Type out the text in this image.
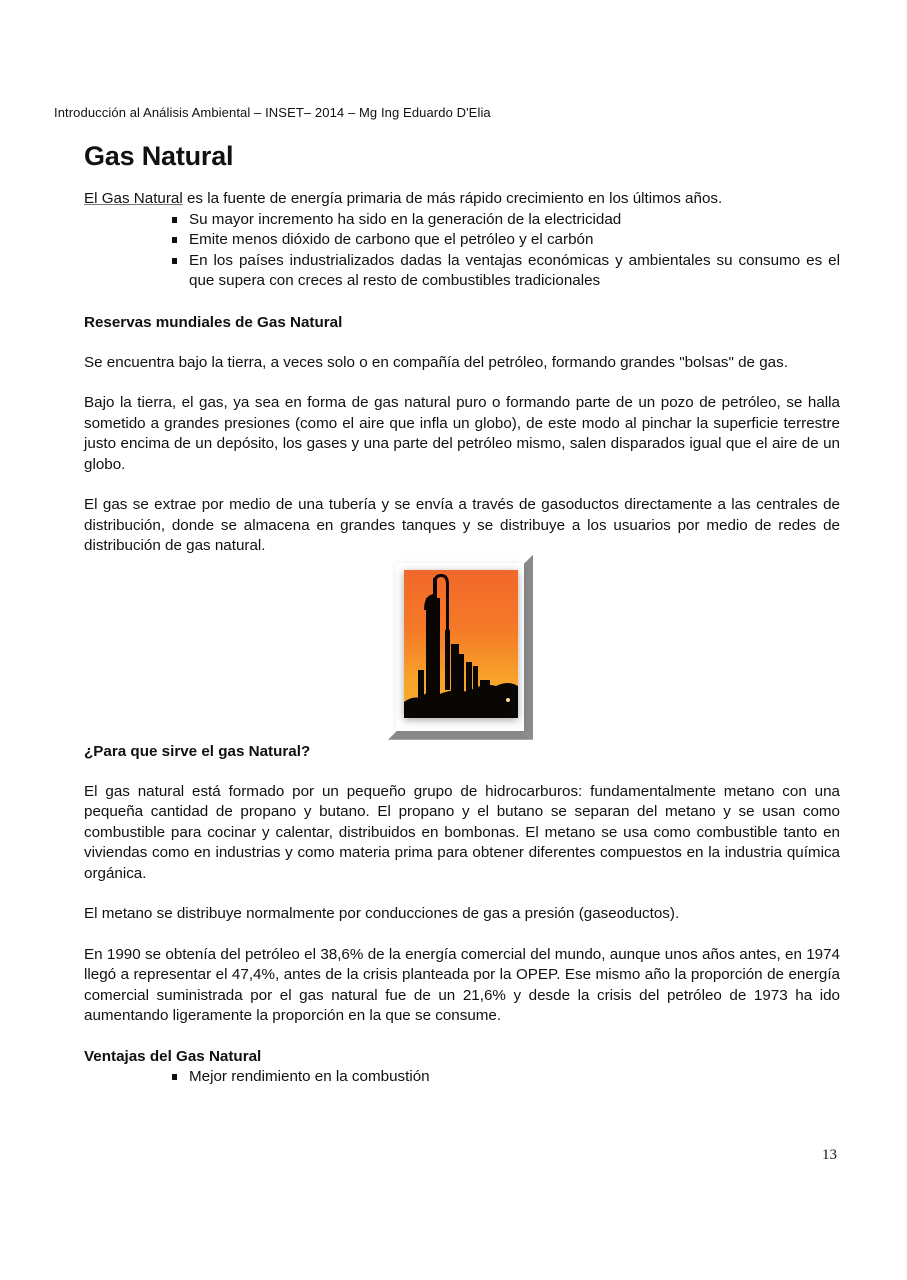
Introducción al Análisis Ambiental – INSET– 2014 – Mg Ing Eduardo D'Elia
Gas Natural

El Gas Natural es la fuente de energía primaria de más rápido crecimiento en los últimos años.

Su mayor incremento ha sido en la generación de la electricidad
Emite menos dióxido de carbono que el petróleo y el carbón
En los países industrializados dadas la ventajas económicas y ambientales su consumo es el que supera con creces al resto de combustibles tradicionales
Reservas mundiales de Gas Natural

Se encuentra bajo la tierra, a veces solo o en compañía del petróleo, formando grandes "bolsas" de gas.

Bajo la tierra, el gas, ya sea en forma de gas natural puro o formando parte de un pozo de petróleo, se halla sometido a grandes presiones (como el aire que infla un globo), de este modo al pinchar la superficie terrestre justo encima de un depósito, los gases y una parte del petróleo mismo, salen disparados igual que el aire de un globo.

El gas se extrae por medio de una tubería y se envía a través de gasoductos directamente a las centrales de distribución, donde se almacena en grandes tanques y se distribuye a los usuarios por medio de redes de distribución de gas natural.

¿Para que sirve el gas Natural?

El gas natural está formado por un pequeño grupo de hidrocarburos: fundamentalmente metano con una pequeña cantidad de propano y butano. El propano y el butano se separan del metano y se usan como combustible para cocinar y calentar, distribuidos en bombonas. El metano se usa como combustible tanto en viviendas como en industrias y como materia prima para obtener diferentes compuestos en la industria química orgánica.

El metano se distribuye normalmente por conducciones de gas a presión (gaseoductos).

En 1990 se obtenía del petróleo el 38,6% de la energía comercial del mundo, aunque unos años antes, en 1974 llegó a representar el 47,4%, antes de la crisis planteada por la OPEP. Ese mismo año la proporción de energía comercial suministrada por el gas natural fue de un 21,6% y desde la crisis del petróleo de 1973 ha ido aumentando ligeramente la proporción en la que se consume.

Ventajas del Gas Natural
Mejor rendimiento en la combustión
13
